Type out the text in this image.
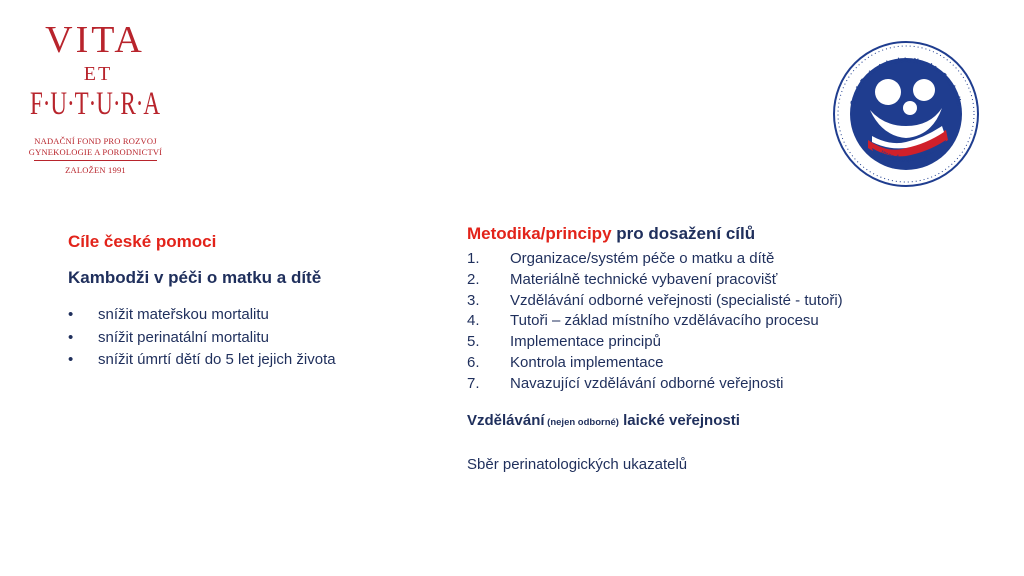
VITA
ET
F·U·T·U·R·A
NADAČNÍ FOND PRO ROZVOJ
GYNEKOLOGIE A PORODNICTVÍ
ZALOŽEN 1991
Czech Perinatologists Head to Cambodia
គ្រូពេទ្យឆែកចុះទៅកម្ពុជា
Cíle české pomoci
Kambodži v péči o matku a dítě
• snížit mateřskou mortalitu
• snížit perinatální mortalitu
• snížit úmrtí dětí do 5 let jejich života
Metodika/principy pro dosažení cílů
1. Organizace/systém péče o matku a dítě
2. Materiálně technické vybavení pracovišť
3. Vzdělávání odborné veřejnosti (specialisté - tutoři)
4. Tutoři – základ místního vzdělávacího procesu
5. Implementace principů
6. Kontrola implementace
7. Navazující vzdělávání odborné veřejnosti
Vzdělávání (nejen odborné) laické veřejnosti
Sběr perinatologických ukazatelů
